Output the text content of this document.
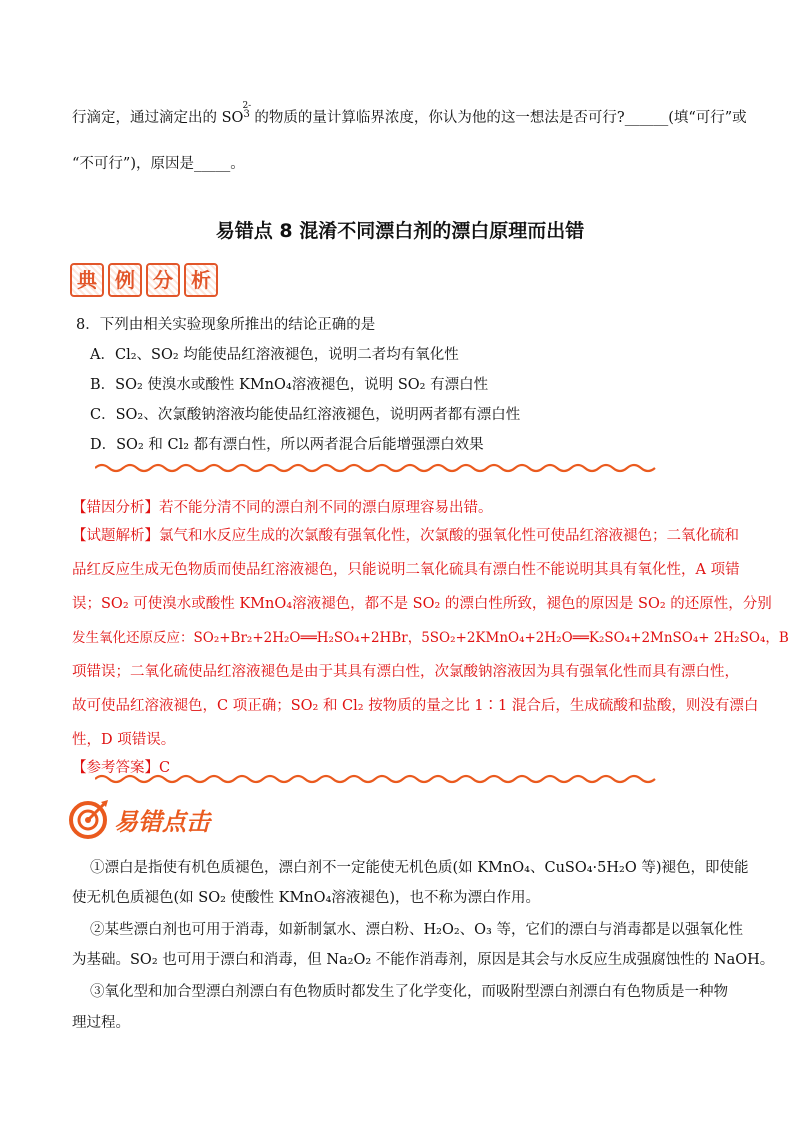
行滴定，通过滴定出的 SO
2-
$^3$ 的物质的量计算临界浓度，你认为他的这一想法是否可行?______(填“可行”或
“不可行”)，原因是_____。
易错点 8 混淆不同漂白剂的漂白原理而出错
典 例 分 析
8．下列由相关实验现象所推出的结论正确的是
A．Cl₂、SO₂ 均能使品红溶液褪色，说明二者均有氧化性
B．SO₂ 使溴水或酸性 KMnO₄溶液褪色，说明 SO₂ 有漂白性
C．SO₂、次氯酸钠溶液均能使品红溶液褪色，说明两者都有漂白性
D．SO₂ 和 Cl₂ 都有漂白性，所以两者混合后能增强漂白效果
【错因分析】若不能分清不同的漂白剂不同的漂白原理容易出错。
【试题解析】氯气和水反应生成的次氯酸有强氧化性，次氯酸的强氧化性可使品红溶液褪色；二氧化硫和
品红反应生成无色物质而使品红溶液褪色，只能说明二氧化硫具有漂白性不能说明其具有氧化性，A 项错
误；SO₂ 可使溴水或酸性 KMnO₄溶液褪色，都不是 SO₂ 的漂白性所致，褪色的原因是 SO₂ 的还原性，分别
发生氧化还原反应：SO₂+Br₂+2H₂O══H₂SO₄+2HBr，5SO₂+2KMnO₄+2H₂O══K₂SO₄+2MnSO₄+ 2H₂SO₄，B
项错误；二氧化硫使品红溶液褪色是由于其具有漂白性，次氯酸钠溶液因为具有强氧化性而具有漂白性，
故可使品红溶液褪色，C 项正确；SO₂ 和 Cl₂ 按物质的量之比 1∶1 混合后，生成硫酸和盐酸，则没有漂白
性，D 项错误。
【参考答案】C
易错点击
①漂白是指使有机色质褪色，漂白剂不一定能使无机色质(如 KMnO₄、CuSO₄·5H₂O 等)褪色，即使能
使无机色质褪色(如 SO₂ 使酸性 KMnO₄溶液褪色)，也不称为漂白作用。
②某些漂白剂也可用于消毒，如新制氯水、漂白粉、H₂O₂、O₃ 等，它们的漂白与消毒都是以强氧化性
为基础。SO₂ 也可用于漂白和消毒，但 Na₂O₂ 不能作消毒剂，原因是其会与水反应生成强腐蚀性的 NaOH。
③氧化型和加合型漂白剂漂白有色物质时都发生了化学变化，而吸附型漂白剂漂白有色物质是一种物
理过程。
